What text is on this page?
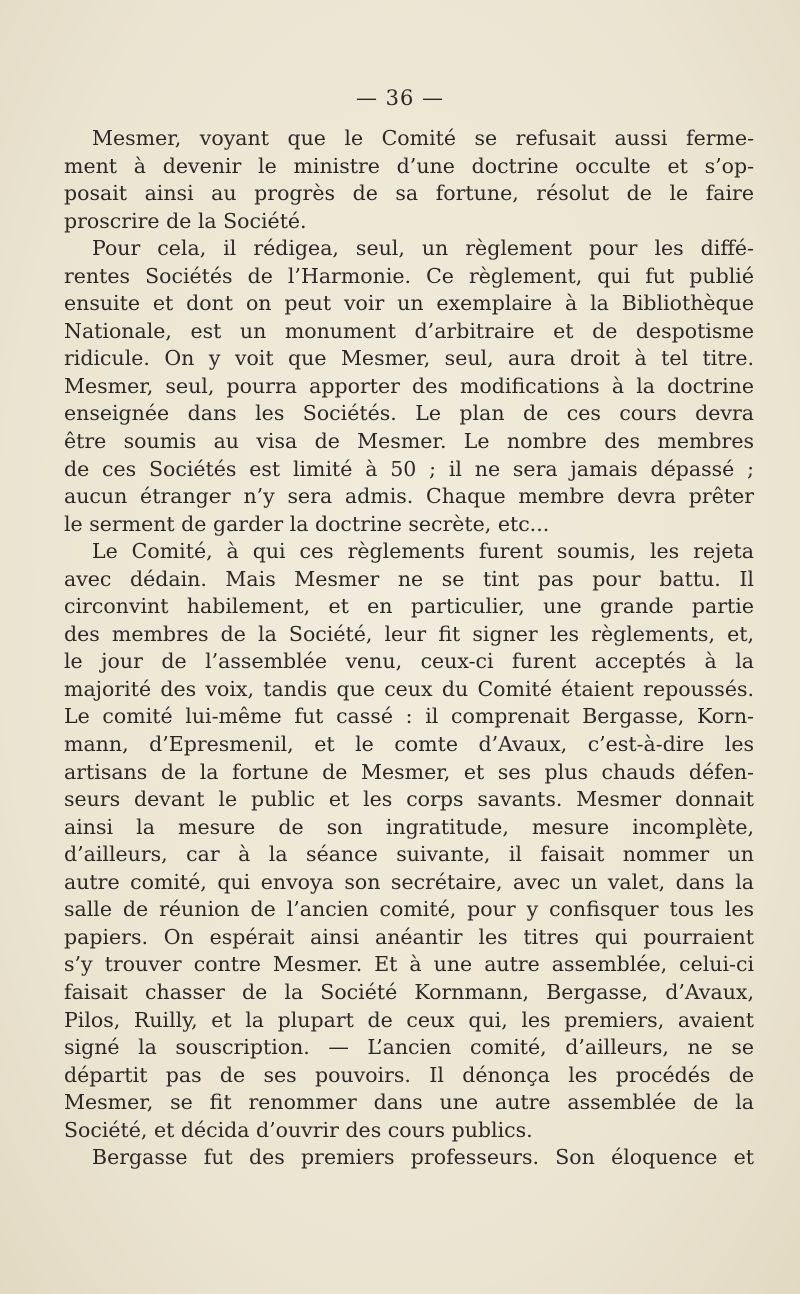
— 36 —
Mesmer, voyant que le Comité se refusait aussi ferme-
ment à devenir le ministre d’une doctrine occulte et s’op-
posait ainsi au progrès de sa fortune, résolut de le faire
proscrire de la Société.
Pour cela, il rédigea, seul, un règlement pour les diffé-
rentes Sociétés de l’Harmonie. Ce règlement, qui fut publié
ensuite et dont on peut voir un exemplaire à la Bibliothèque
Nationale, est un monument d’arbitraire et de despotisme
ridicule. On y voit que Mesmer, seul, aura droit à tel titre.
Mesmer, seul, pourra apporter des modifications à la doctrine
enseignée dans les Sociétés. Le plan de ces cours devra
être soumis au visa de Mesmer. Le nombre des membres
de ces Sociétés est limité à 50 ; il ne sera jamais dépassé ;
aucun étranger n’y sera admis. Chaque membre devra prêter
le serment de garder la doctrine secrète, etc...
Le Comité, à qui ces règlements furent soumis, les rejeta
avec dédain. Mais Mesmer ne se tint pas pour battu. Il
circonvint habilement, et en particulier, une grande partie
des membres de la Société, leur fit signer les règlements, et,
le jour de l’assemblée venu, ceux-ci furent acceptés à la
majorité des voix, tandis que ceux du Comité étaient repoussés.
Le comité lui-même fut cassé : il comprenait Bergasse, Korn-
mann, d’Epresmenil, et le comte d’Avaux, c’est-à-dire les
artisans de la fortune de Mesmer, et ses plus chauds défen-
seurs devant le public et les corps savants. Mesmer donnait
ainsi la mesure de son ingratitude, mesure incomplète,
d’ailleurs, car à la séance suivante, il faisait nommer un
autre comité, qui envoya son secrétaire, avec un valet, dans la
salle de réunion de l’ancien comité, pour y confisquer tous les
papiers. On espérait ainsi anéantir les titres qui pourraient
s’y trouver contre Mesmer. Et à une autre assemblée, celui-ci
faisait chasser de la Société Kornmann, Bergasse, d’Avaux,
Pilos, Ruilly, et la plupart de ceux qui, les premiers, avaient
signé la souscription. — L’ancien comité, d’ailleurs, ne se
départit pas de ses pouvoirs. Il dénonça les procédés de
Mesmer, se fit renommer dans une autre assemblée de la
Société, et décida d’ouvrir des cours publics.
Bergasse fut des premiers professeurs. Son éloquence et
